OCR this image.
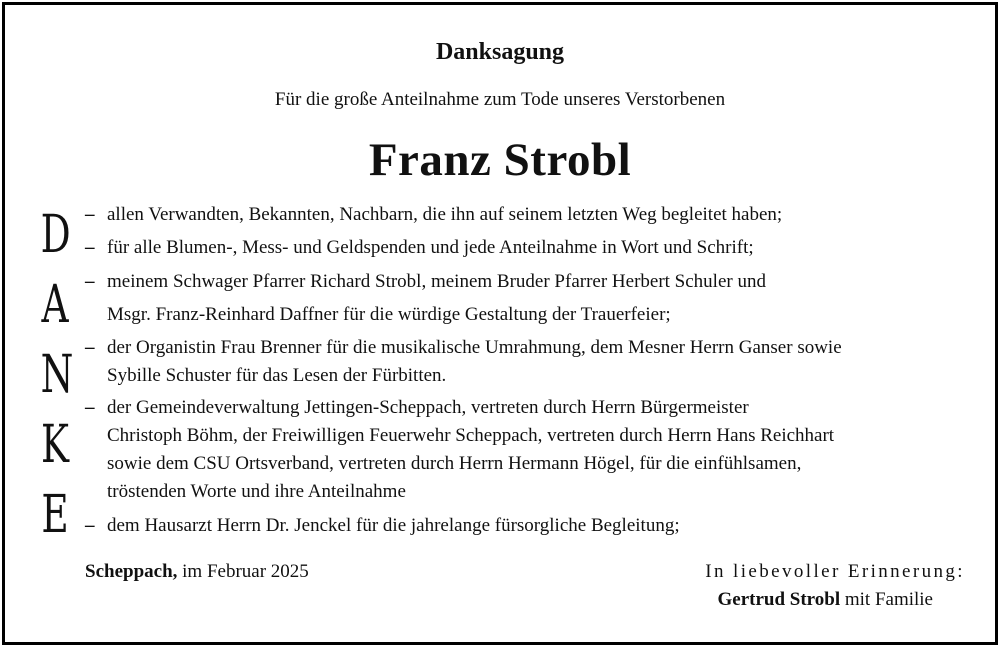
Danksagung
Für die große Anteilnahme zum Tode unseres Verstorbenen
Franz Strobl
D
A
N
K
E
– allen Verwandten, Bekannten, Nachbarn, die ihn auf seinem letzten Weg begleitet haben;
– für alle Blumen-, Mess- und Geldspenden und jede Anteilnahme in Wort und Schrift;
– meinem Schwager Pfarrer Richard Strobl, meinem Bruder Pfarrer Herbert Schuler und
Msgr. Franz-Reinhard Daffner für die würdige Gestaltung der Trauerfeier;
– der Organistin Frau Brenner für die musikalische Umrahmung, dem Mesner Herrn Ganser sowie
Sybille Schuster für das Lesen der Fürbitten.
– der Gemeindeverwaltung Jettingen-Scheppach, vertreten durch Herrn Bürgermeister
Christoph Böhm, der Freiwilligen Feuerwehr Scheppach, vertreten durch Herrn Hans Reichhart
sowie dem CSU Ortsverband, vertreten durch Herrn Hermann Högel, für die einfühlsamen,
tröstenden Worte und ihre Anteilnahme
– dem Hausarzt Herrn Dr. Jenckel für die jahrelange fürsorgliche Begleitung;
Scheppach, im Februar 2025	In liebevoller Erinnerung:
Gertrud Strobl mit Familie
